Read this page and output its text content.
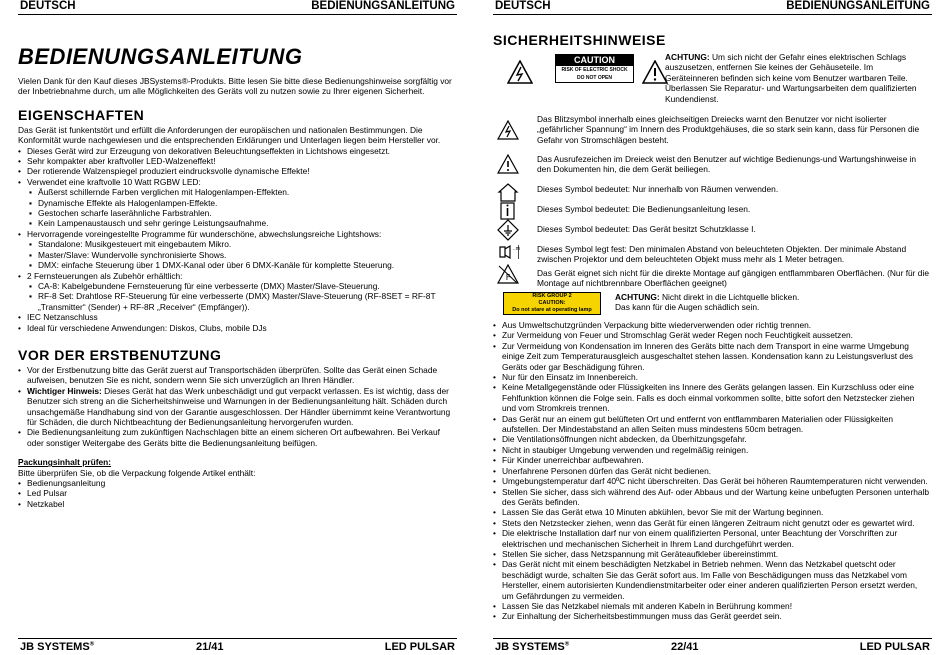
DEUTSCH	BEDIENUNGSANLEITUNG
BEDIENUNGSANLEITUNG

Vielen Dank für den Kauf dieses JBSystems®-Produkts. Bitte lesen Sie bitte diese Bedienungshinweise sorgfältig vor der Inbetriebnahme durch, um alle Möglichkeiten des Geräts voll zu nutzen sowie zu Ihrer eigenen Sicherheit.

EIGENSCHAFTEN

Das Gerät ist funkentstört und erfüllt die Anforderungen der europäischen und nationalen Bestimmungen. Die Konformität wurde nachgewiesen und die entsprechenden Erklärungen und Unterlagen liegen beim Hersteller vor.

• Dieses Gerät wird zur Erzeugung von dekorativen Beleuchtungseffekten in Lichtshows eingesetzt.
• Sehr kompakter aber kraftvoller LED-Walzeneffekt!
• Der rotierende Walzenspiegel produziert eindrucksvolle dynamische Effekte!
• Verwendet eine kraftvolle 10 Watt RGBW LED:
▪ Äußerst schillernde Farben verglichen mit Halogenlampen-Effekten.
▪ Dynamische Effekte als Halogenlampen-Effekte.
▪ Gestochen scharfe laserähnliche Farbstrahlen.
▪ Kein Lampenaustausch und sehr geringe Leistungsaufnahme.
• Hervorragende voreingestellte Programme für wunderschöne, abwechslungsreiche Lightshows:
▪ Standalone: Musikgesteuert mit eingebautem Mikro.
▪ Master/Slave: Wundervolle synchronisierte Shows.
▪ DMX: einfache Steuerung über 1 DMX-Kanal oder über 6 DMX-Kanäle für komplette Steuerung.
• 2 Fernsteuerungen als Zubehör erhältlich:
▪ CA-8: Kabelgebundene Fernsteuerung für eine verbesserte (DMX) Master/Slave-Steuerung.
▪ RF-8 Set: Drahtlose RF-Steuerung für eine verbesserte (DMX) Master/Slave-Steuerung (RF-8SET = RF-8T „Transmitter“ (Sender) + RF-8R „Receiver“ (Empfänger)).
• IEC Netzanschluss
• Ideal für verschiedene Anwendungen: Diskos, Clubs, mobile DJs
VOR DER ERSTBENUTZUNG
• Vor der Erstbenutzung bitte das Gerät zuerst auf Transportschäden überprüfen. Sollte das Gerät einen Schade aufweisen, benutzen Sie es nicht, sondern wenn Sie sich unverzüglich an Ihren Händler.
• Wichtiger Hinweis: Dieses Gerät hat das Werk unbeschädigt und gut verpackt verlassen. Es ist wichtig, dass der Benutzer sich streng an die Sicherheitshinweise und Warnungen in der Bedienungsanleitung hält. Schäden durch unsachgemäße Handhabung sind von der Garantie ausgeschlossen. Der Händler übernimmt keine Verantwortung für Schäden, die durch Nichtbeachtung der Bedienungsanleitung hervorgerufen wurden.
• Die Bedienungsanleitung zum zukünftigen Nachschlagen bitte an einem sicheren Ort aufbewahren. Bei Verkauf oder sonstiger Weitergabe des Geräts bitte die Bedienungsanleitung beifügen.

Packungsinhalt prüfen:

Bitte überprüfen Sie, ob die Verpackung folgende Artikel enthält:

• Bedienungsanleitung
• Led Pulsar
• Netzkabel
JB SYSTEMS®	21/41	LED PULSAR
DEUTSCH	BEDIENUNGSANLEITUNG
SICHERHEITSHINWEISE
CAUTION
RISK OF ELECTRIC SHOCK
DO NOT OPEN

ACHTUNG: Um sich nicht der Gefahr eines elektrischen Schlags auszusetzen, entfernen Sie keines der Gehäuseteile. Im Geräteinneren befinden sich keine vom Benutzer wartbaren Teile. Überlassen Sie Reparatur- und Wartungsarbeiten dem qualifizierten Kundendienst.

Das Blitzsymbol innerhalb eines gleichseitigen Dreiecks warnt den Benutzer vor nicht isolierter „gefährlicher Spannung“ im Innern des Produktgehäuses, die so stark sein kann, dass für Personen die Gefahr von Stromschlägen besteht.

Das Ausrufezeichen im Dreieck weist den Benutzer auf wichtige Bedienungs-und Wartungshinweise in den Dokumenten hin, die dem Gerät beiliegen.

Dieses Symbol bedeutet: Nur innerhalb von Räumen verwenden.

Dieses Symbol bedeutet: Die Bedienungsanleitung lesen.

Dieses Symbol bedeutet: Das Gerät besitzt Schutzklasse I.

..m Dieses Symbol legt fest: Den minimalen Abstand von beleuchteten Objekten. Der minimale Abstand zwischen Projektor und dem beleuchteten Objekt muss mehr als 1 Meter betragen.

F	Das Gerät eignet sich nicht für die direkte Montage auf gängigen entflammbaren Oberflächen. (Nur für die Montage auf nichtbrennbare Oberflächen geeignet)

RISK GROUP 2
CAUTION:
Do not stare at operating lamp

ACHTUNG: Nicht direkt in die Lichtquelle blicken.

Das kann für die Augen schädlich sein.

• Aus Umweltschutzgründen Verpackung bitte wiederverwenden oder richtig trennen.
• Zur Vermeidung von Feuer und Stromschlag Gerät weder Regen noch Feuchtigkeit aussetzen.
• Zur Vermeidung von Kondensation im Inneren des Geräts bitte nach dem Transport in eine warme Umgebung einige Zeit zum Temperaturausgleich ausgeschaltet stehen lassen. Kondensation kann zu Leistungsverlust des Geräts oder gar Beschädigung führen.
• Nur für den Einsatz im Innenbereich.
• Keine Metallgegenstände oder Flüssigkeiten ins Innere des Geräts gelangen lassen. Ein Kurzschluss oder eine Fehlfunktion können die Folge sein. Falls es doch einmal vorkommen sollte, bitte sofort den Netzstecker ziehen und vom Stromkreis trennen.
• Das Gerät nur an einem gut belüfteten Ort und entfernt von entflammbaren Materialien oder Flüssigkeiten aufstellen. Der Mindestabstand an allen Seiten muss mindestens 50cm betragen.
• Die Ventilationsöffnungen nicht abdecken, da Überhitzungsgefahr.
• Nicht in staubiger Umgebung verwenden und regelmäßig reinigen.
• Für Kinder unerreichbar aufbewahren.
• Unerfahrene Personen dürfen das Gerät nicht bedienen.
• Umgebungstemperatur darf 40ºC nicht überschreiten. Das Gerät bei höheren Raumtemperaturen nicht verwenden.
• Stellen Sie sicher, dass sich während des Auf- oder Abbaus und der Wartung keine unbefugten Personen unterhalb des Geräts befinden.
• Lassen Sie das Gerät etwa 10 Minuten abkühlen, bevor Sie mit der Wartung beginnen.
• Stets den Netzstecker ziehen, wenn das Gerät für einen längeren Zeitraum nicht genutzt oder es gewartet wird.
• Die elektrische Installation darf nur von einem qualifizierten Personal, unter Beachtung der Vorschriften zur elektrischen und mechanischen Sicherheit in Ihrem Land durchgeführt werden.
• Stellen Sie sicher, dass Netzspannung mit Geräteaufkleber übereinstimmt.
• Das Gerät nicht mit einem beschädigten Netzkabel in Betrieb nehmen. Wenn das Netzkabel quetscht oder beschädigt wurde, schalten Sie das Gerät sofort aus. Im Falle von Beschädigungen muss das Netzkabel vom Hersteller, einem autorisierten Kundendienstmitarbeiter oder einer anderen qualifizierten Person ersetzt werden, um Gefährdungen zu vermeiden.
• Lassen Sie das Netzkabel niemals mit anderen Kabeln in Berührung kommen!
• Zur Einhaltung der Sicherheitsbestimmungen muss das Gerät geerdet sein.
JB SYSTEMS®	22/41	LED PULSAR
